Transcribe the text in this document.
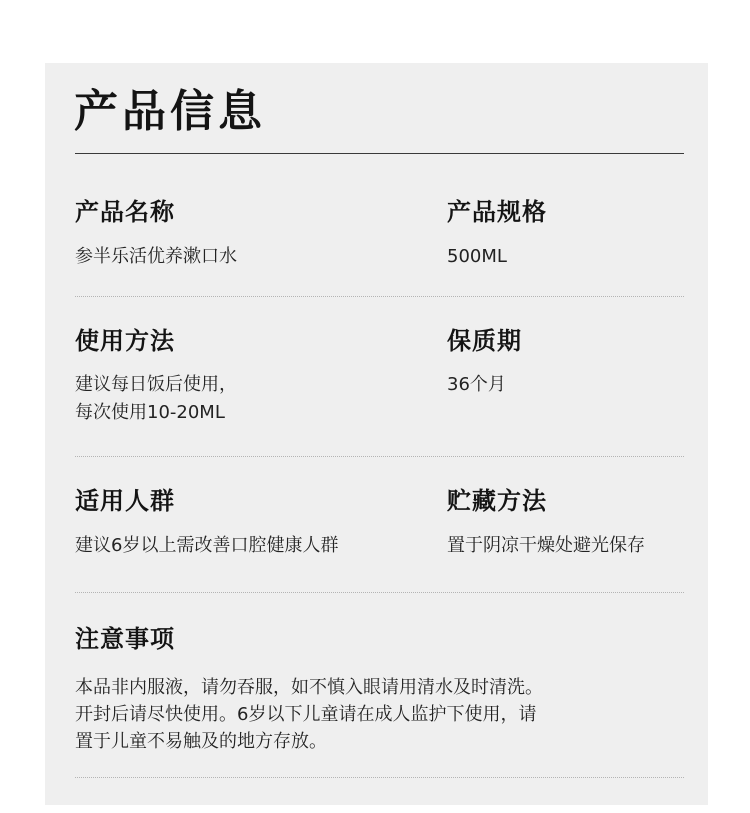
产品信息
产品名称

参半乐活优养漱口水

产品规格

500ML

使用方法

建议每日饭后使用，
每次使用10-20ML

保质期

36个月

适用人群

建议6岁以上需改善口腔健康人群

贮藏方法

置于阴凉干燥处避光保存

注意事项

本品非内服液，请勿吞服，如不慎入眼请用清水及时清洗。
开封后请尽快使用。6岁以下儿童请在成人监护下使用，请
置于儿童不易触及的地方存放。
